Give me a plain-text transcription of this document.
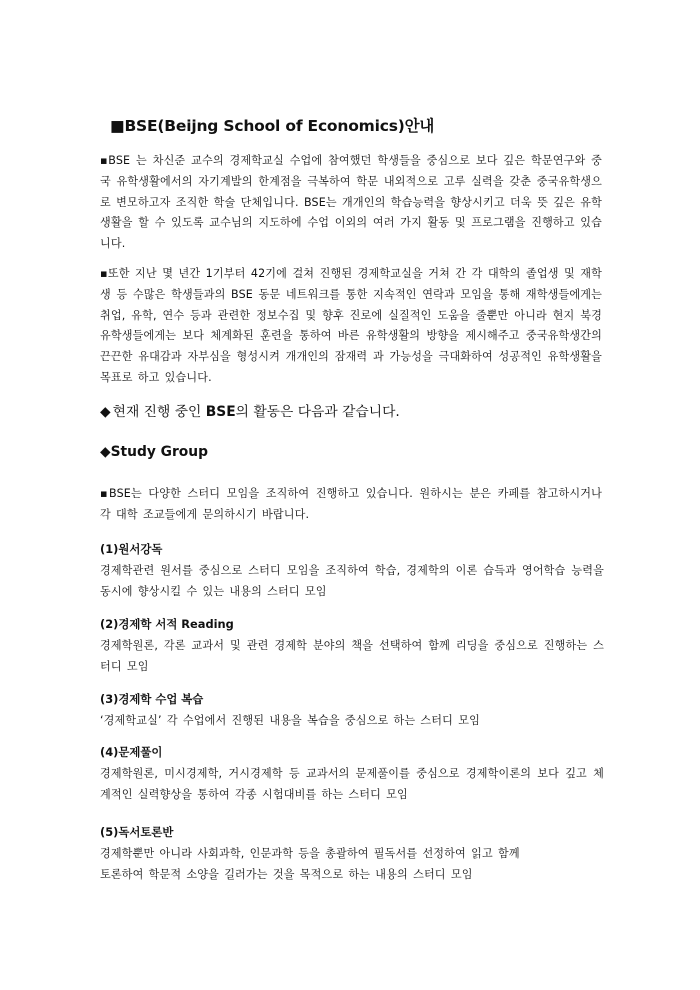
■BSE(Beijng School of Economics)안내

▪BSE 는 차신준 교수의 경제학교실 수업에 참여했던 학생들을 중심으로 보다 깊은 학문연구와 중국 유학생활에서의 자기계발의 한계점을 극복하여 학문 내외적으로 고루 실력을 갖춘 중국유학생으로 변모하고자 조직한 학술 단체입니다. BSE는 개개인의 학습능력을 향상시키고 더욱 뜻 깊은 유학생활을 할 수 있도록 교수님의 지도하에 수업 이외의 여러 가지 활동 및 프로그램을 진행하고 있습니다.

▪또한 지난 몇 년간 1기부터 42기에 걸쳐 진행된 경제학교실을 거쳐 간 각 대학의 졸업생 및 재학생 등 수많은 학생들과의 BSE 동문 네트워크를 통한 지속적인 연락과 모임을 통해 재학생들에게는 취업, 유학, 연수 등과 관련한 정보수집 및 향후 진로에 실질적인 도움을 줄뿐만 아니라 현지 북경유학생들에게는 보다 체계화된 훈련을 통하여 바른 유학생활의 방향을 제시해주고 중국유학생간의 끈끈한 유대감과 자부심을 형성시켜 개개인의 잠재력 과 가능성을 극대화하여 성공적인 유학생활을 목표로 하고 있습니다.

◆ 현재 진행 중인 BSE의 활동은 다음과 같습니다.
◆Study Group

▪BSE는 다양한 스터디 모임을 조직하여 진행하고 있습니다. 원하시는 분은 카페를 참고하시거나 각 대학 조교들에게 문의하시기 바랍니다.

(1)원서강독

경제학관련 원서를 중심으로 스터디 모임을 조직하여 학습, 경제학의 이론 습득과 영어학습 능력을 동시에 향상시킬 수 있는 내용의 스터디 모임

(2)경제학 서적 Reading

경제학원론, 각론 교과서 및 관련 경제학 분야의 책을 선택하여 함께 리딩을 중심으로 진행하는 스터디 모임

(3)경제학 수업 복습

‘경제학교실’ 각 수업에서 진행된 내용을 복습을 중심으로 하는 스터디 모임

(4)문제풀이

경제학원론, 미시경제학, 거시경제학 등 교과서의 문제풀이를 중심으로 경제학이론의 보다 깊고 체계적인 실력향상을 통하여 각종 시험대비를 하는 스터디 모임

(5)독서토론반

경제학뿐만 아니라 사회과학, 인문과학 등을 총괄하여 필독서를 선정하여 읽고 함께
토론하여 학문적 소양을 길러가는 것을 목적으로 하는 내용의 스터디 모임
